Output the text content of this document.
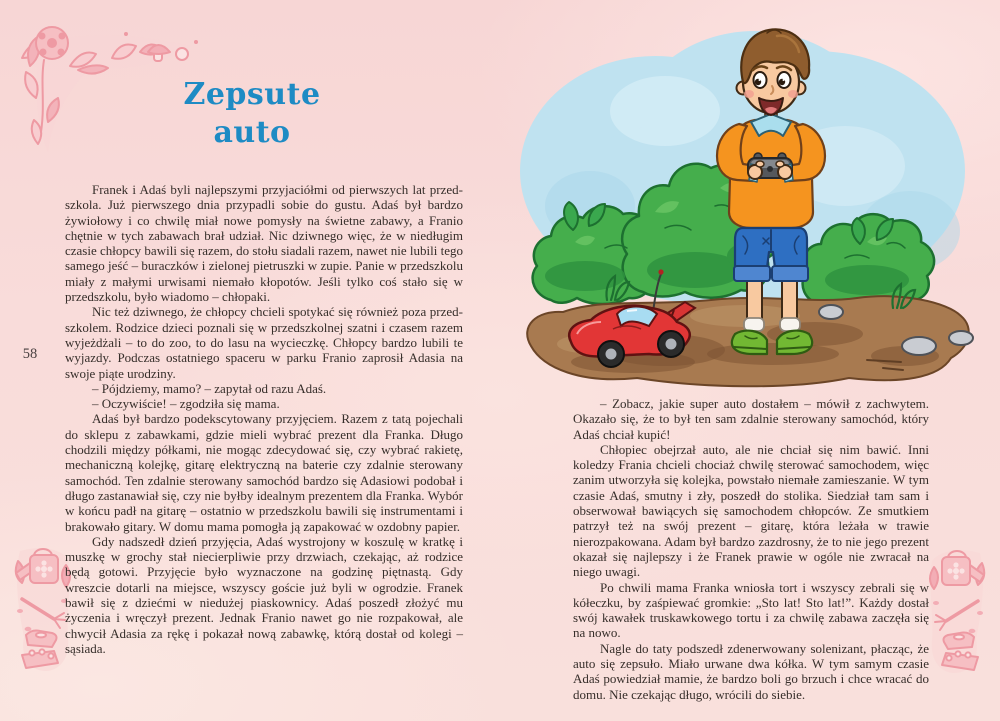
58
Zepsute
auto

Franek i Adaś byli najlepszymi przyjaciółmi od pierwszych lat przedszkola. Już pierwszego dnia przypadli sobie do gustu. Adaś był bardzo żywiołowy i co chwilę miał nowe pomysły na świetne zabawy, a Franio chętnie w tych zabawach brał udział. Nic dziwnego więc, że w niedługim czasie chłopcy bawili się razem, do stołu siadali razem, nawet nie lubili tego samego jeść – buraczków i zielonej pietruszki w zupie. Panie w przedszkolu miały z małymi urwisami niemało kłopotów. Jeśli tylko coś stało się w przedszkolu, było wiadomo – chłopaki.

Nic też dziwnego, że chłopcy chcieli spotykać się również poza przedszkolem. Rodzice dzieci poznali się w przedszkolnej szatni i czasem razem wyjeżdżali – to do zoo, to do lasu na wycieczkę. Chłopcy bardzo lubili te wyjazdy. Podczas ostatniego spaceru w parku Franio zaprosił Adasia na swoje piąte urodziny.

– Pójdziemy, mamo? – zapytał od razu Adaś.

– Oczywiście! – zgodziła się mama.

Adaś był bardzo podekscytowany przyjęciem. Razem z tatą pojechali do sklepu z zabawkami, gdzie mieli wybrać prezent dla Franka. Długo chodzili między półkami, nie mogąc zdecydować się, czy wybrać rakietę, mechaniczną kolejkę, gitarę elektryczną na baterie czy zdalnie sterowany samochód. Ten zdalnie sterowany samochód bardzo się Adasiowi podobał i długo zastanawiał się, czy nie byłby idealnym prezentem dla Franka. Wybór w końcu padł na gitarę – ostatnio w przedszkolu bawili się instrumentami i brakowało gitary. W domu mama pomogła ją zapakować w ozdobny papier.

Gdy nadszedł dzień przyjęcia, Adaś wystrojony w koszulę w kratkę i muszkę w grochy stał niecierpliwie przy drzwiach, czekając, aż rodzice będą gotowi. Przyjęcie było wyznaczone na godzinę piętnastą. Gdy wreszcie dotarli na miejsce, wszyscy goście już byli w ogrodzie. Franek bawił się z dziećmi w niedużej piaskownicy. Adaś poszedł złożyć mu życzenia i wręczył prezent. Jednak Franio nawet go nie rozpakował, ale chwycił Adasia za rękę i pokazał nową zabawkę, którą dostał od kolegi – sąsiada.

– Zobacz, jakie super auto dostałem – mówił z zachwytem. Okazało się, że to był ten sam zdalnie sterowany samochód, który Adaś chciał kupić!

Chłopiec obejrzał auto, ale nie chciał się nim bawić. Inni koledzy Frania chcieli chociaż chwilę sterować samochodem, więc zanim utworzyła się kolejka, powstało niemałe zamieszanie. W tym czasie Adaś, smutny i zły, poszedł do stolika. Siedział tam sam i obserwował bawiących się samochodem chłopców. Ze smutkiem patrzył też na swój prezent – gitarę, która leżała w trawie nierozpakowana. Adam był bardzo zazdrosny, że to nie jego prezent okazał się najlepszy i że Franek prawie w ogóle nie zwracał na niego uwagi.

Po chwili mama Franka wniosła tort i wszyscy zebrali się w kółeczku, by zaśpiewać gromkie: „Sto lat! Sto lat!”. Każdy dostał swój kawałek truskawkowego tortu i za chwilę zabawa zaczęła się na nowo.

Nagle do taty podszedł zdenerwowany solenizant, płacząc, że auto się zepsuło. Miało urwane dwa kółka. W tym samym czasie Adaś powiedział mamie, że bardzo boli go brzuch i chce wracać do domu. Nie czekając długo, wrócili do siebie.
